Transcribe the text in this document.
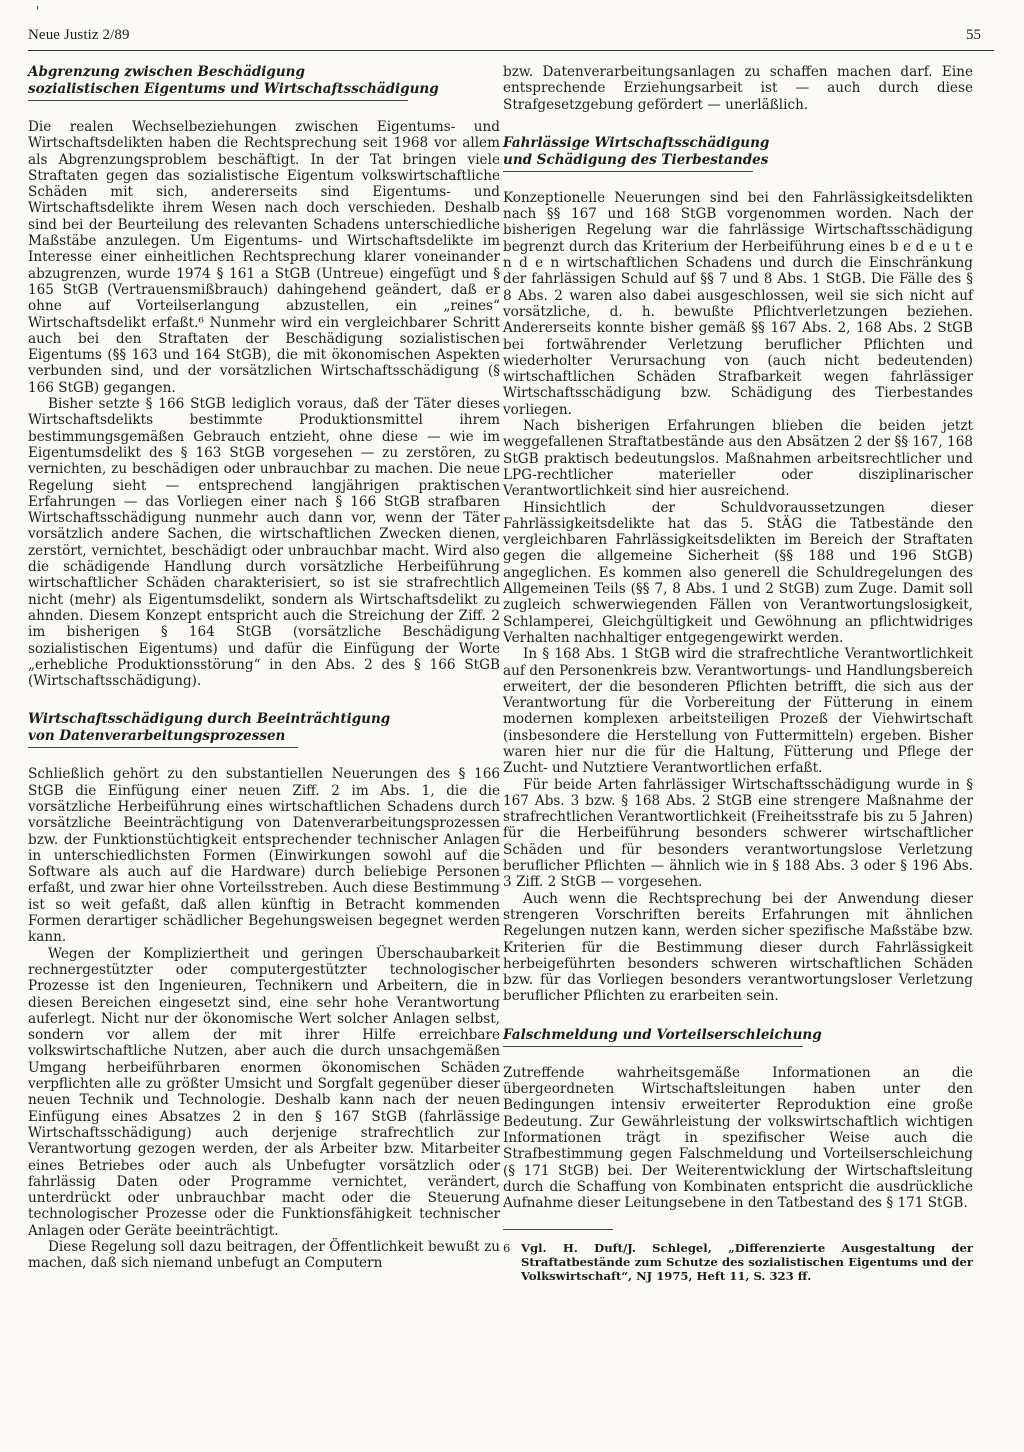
'
Neue Justiz 2/89	55
Abgrenzung zwischen Beschädigung
sozialistischen Eigentums und Wirtschaftsschädigung

Die realen Wechselbeziehungen zwischen Eigentums- und Wirtschaftsdelikten haben die Rechtsprechung seit 1968 vor allem als Abgrenzungsproblem beschäftigt. In der Tat bringen viele Straftaten gegen das sozialistische Eigentum volkswirtschaftliche Schäden mit sich, andererseits sind Eigentums- und Wirtschaftsdelikte ihrem Wesen nach doch verschieden. Deshalb sind bei der Beurteilung des relevanten Schadens unterschiedliche Maßstäbe anzulegen. Um Eigentums- und Wirtschaftsdelikte im Interesse einer einheitlichen Rechtsprechung klarer voneinander abzugrenzen, wurde 1974 § 161 a StGB (Untreue) eingefügt und § 165 StGB (Vertrauensmißbrauch) dahingehend geändert, daß er ohne auf Vorteilserlangung abzustellen, ein „reines“ Wirtschaftsdelikt erfaßt.⁶ Nunmehr wird ein vergleichbarer Schritt auch bei den Straftaten der Beschädigung sozialistischen Eigentums (§§ 163 und 164 StGB), die mit ökonomischen Aspekten verbunden sind, und der vorsätzlichen Wirtschaftsschädigung (§ 166 StGB) gegangen.

Bisher setzte § 166 StGB lediglich voraus, daß der Täter dieses Wirtschaftsdelikts bestimmte Produktionsmittel ihrem bestimmungsgemäßen Gebrauch entzieht, ohne diese — wie im Eigentumsdelikt des § 163 StGB vorgesehen — zu zerstören, zu vernichten, zu beschädigen oder unbrauchbar zu machen. Die neue Regelung sieht — entsprechend langjährigen praktischen Erfahrungen — das Vorliegen einer nach § 166 StGB strafbaren Wirtschaftsschädigung nunmehr auch dann vor, wenn der Täter vorsätzlich andere Sachen, die wirtschaftlichen Zwecken dienen, zerstört, vernichtet, beschädigt oder unbrauchbar macht. Wird also die schädigende Handlung durch vorsätzliche Herbeiführung wirtschaftlicher Schäden charakterisiert, so ist sie strafrechtlich nicht (mehr) als Eigentumsdelikt, sondern als Wirtschaftsdelikt zu ahnden. Diesem Konzept entspricht auch die Streichung der Ziff. 2 im bisherigen § 164 StGB (vorsätzliche Beschädigung sozialistischen Eigentums) und dafür die Einfügung der Worte „erhebliche Produktionsstörung“ in den Abs. 2 des § 166 StGB (Wirtschaftsschädigung).

Wirtschaftsschädigung durch Beeinträchtigung
von Datenverarbeitungsprozessen

Schließlich gehört zu den substantiellen Neuerungen des § 166 StGB die Einfügung einer neuen Ziff. 2 im Abs. 1, die die vorsätzliche Herbeiführung eines wirtschaftlichen Schadens durch vorsätzliche Beeinträchtigung von Datenverarbeitungsprozessen bzw. der Funktionstüchtigkeit entsprechender technischer Anlagen in unterschiedlichsten Formen (Einwirkungen sowohl auf die Software als auch auf die Hardware) durch beliebige Personen erfaßt, und zwar hier ohne Vorteilsstreben. Auch diese Bestimmung ist so weit gefaßt, daß allen künftig in Betracht kommenden Formen derartiger schädlicher Begehungsweisen begegnet werden kann.

Wegen der Kompliziertheit und geringen Überschaubarkeit rechnergestützter oder computergestützter technologischer Prozesse ist den Ingenieuren, Technikern und Arbeitern, die in diesen Bereichen eingesetzt sind, eine sehr hohe Verantwortung auferlegt. Nicht nur der ökonomische Wert solcher Anlagen selbst, sondern vor allem der mit ihrer Hilfe erreichbare volkswirtschaftliche Nutzen, aber auch die durch unsachgemäßen Umgang herbeiführbaren enormen ökonomischen Schäden verpflichten alle zu größter Umsicht und Sorgfalt gegenüber dieser neuen Technik und Technologie. Deshalb kann nach der neuen Einfügung eines Absatzes 2 in den § 167 StGB (fahrlässige Wirtschaftsschädigung) auch derjenige strafrechtlich zur Verantwortung gezogen werden, der als Arbeiter bzw. Mitarbeiter eines Betriebes oder auch als Unbefugter vorsätzlich oder fahrlässig Daten oder Programme vernichtet, verändert, unterdrückt oder unbrauchbar macht oder die Steuerung technologischer Prozesse oder die Funktionsfähigkeit technischer Anlagen oder Geräte beeinträchtigt.

Diese Regelung soll dazu beitragen, der Öffentlichkeit bewußt zu machen, daß sich niemand unbefugt an Computern

bzw. Datenverarbeitungsanlagen zu schaffen machen darf. Eine entsprechende Erziehungsarbeit ist — auch durch diese Strafgesetzgebung gefördert — unerläßlich.

Fahrlässige Wirtschaftsschädigung
und Schädigung des Tierbestandes

Konzeptionelle Neuerungen sind bei den Fahrlässigkeitsdelikten nach §§ 167 und 168 StGB vorgenommen worden. Nach der bisherigen Regelung war die fahrlässige Wirtschaftsschädigung begrenzt durch das Kriterium der Herbeiführung eines b e d e u t e n d e n wirtschaftlichen Schadens und durch die Einschränkung der fahrlässigen Schuld auf §§ 7 und 8 Abs. 1 StGB. Die Fälle des § 8 Abs. 2 waren also dabei ausgeschlossen, weil sie sich nicht auf vorsätzliche, d. h. bewußte Pflichtverletzungen beziehen. Andererseits konnte bisher gemäß §§ 167 Abs. 2, 168 Abs. 2 StGB bei fortwährender Verletzung beruflicher Pflichten und wiederholter Verursachung von (auch nicht bedeutenden) wirtschaftlichen Schäden Strafbarkeit wegen fahrlässiger Wirtschaftsschädigung bzw. Schädigung des Tierbestandes vorliegen.

Nach bisherigen Erfahrungen blieben die beiden jetzt weggefallenen Straftatbestände aus den Absätzen 2 der §§ 167, 168 StGB praktisch bedeutungslos. Maßnahmen arbeitsrechtlicher und LPG-rechtlicher materieller oder disziplinarischer Verantwortlichkeit sind hier ausreichend.

Hinsichtlich der Schuldvoraussetzungen dieser Fahrlässigkeitsdelikte hat das 5. StÄG die Tatbestände den vergleichbaren Fahrlässigkeitsdelikten im Bereich der Straftaten gegen die allgemeine Sicherheit (§§ 188 und 196 StGB) angeglichen. Es kommen also generell die Schuldregelungen des Allgemeinen Teils (§§ 7, 8 Abs. 1 und 2 StGB) zum Zuge. Damit soll zugleich schwerwiegenden Fällen von Verantwortungslosigkeit, Schlamperei, Gleichgültigkeit und Gewöhnung an pflichtwidriges Verhalten nachhaltiger entgegengewirkt werden.

In § 168 Abs. 1 StGB wird die strafrechtliche Verantwortlichkeit auf den Personenkreis bzw. Verantwortungs- und Handlungsbereich erweitert, der die besonderen Pflichten betrifft, die sich aus der Verantwortung für die Vorbereitung der Fütterung in einem modernen komplexen arbeitsteiligen Prozeß der Viehwirtschaft (insbesondere die Herstellung von Futtermitteln) ergeben. Bisher waren hier nur die für die Haltung, Fütterung und Pflege der Zucht- und Nutztiere Verantwortlichen erfaßt.

Für beide Arten fahrlässiger Wirtschaftsschädigung wurde in § 167 Abs. 3 bzw. § 168 Abs. 2 StGB eine strengere Maßnahme der strafrechtlichen Verantwortlichkeit (Freiheitsstrafe bis zu 5 Jahren) für die Herbeiführung besonders schwerer wirtschaftlicher Schäden und für besonders verantwortungslose Verletzung beruflicher Pflichten — ähnlich wie in § 188 Abs. 3 oder § 196 Abs. 3 Ziff. 2 StGB — vorgesehen.

Auch wenn die Rechtsprechung bei der Anwendung dieser strengeren Vorschriften bereits Erfahrungen mit ähnlichen Regelungen nutzen kann, werden sicher spezifische Maßstäbe bzw. Kriterien für die Bestimmung dieser durch Fahrlässigkeit herbeigeführten besonders schweren wirtschaftlichen Schäden bzw. für das Vorliegen besonders verantwortungsloser Verletzung beruflicher Pflichten zu erarbeiten sein.

Falschmeldung und Vorteilserschleichung

Zutreffende wahrheitsgemäße Informationen an die übergeordneten Wirtschaftsleitungen haben unter den Bedingungen intensiv erweiterter Reproduktion eine große Bedeutung. Zur Gewährleistung der volkswirtschaftlich wichtigen Informationen trägt in spezifischer Weise auch die Strafbestimmung gegen Falschmeldung und Vorteilserschleichung (§ 171 StGB) bei. Der Weiterentwicklung der Wirtschaftsleitung durch die Schaffung von Kombinaten entspricht die ausdrückliche Aufnahme dieser Leitungsebene in den Tatbestand des § 171 StGB.

6 Vgl. H. Duft/J. Schlegel, „Differenzierte Ausgestaltung der Straftatbestände zum Schutze des sozialistischen Eigentums und der Volkswirtschaft“, NJ 1975, Heft 11, S. 323 ff.
